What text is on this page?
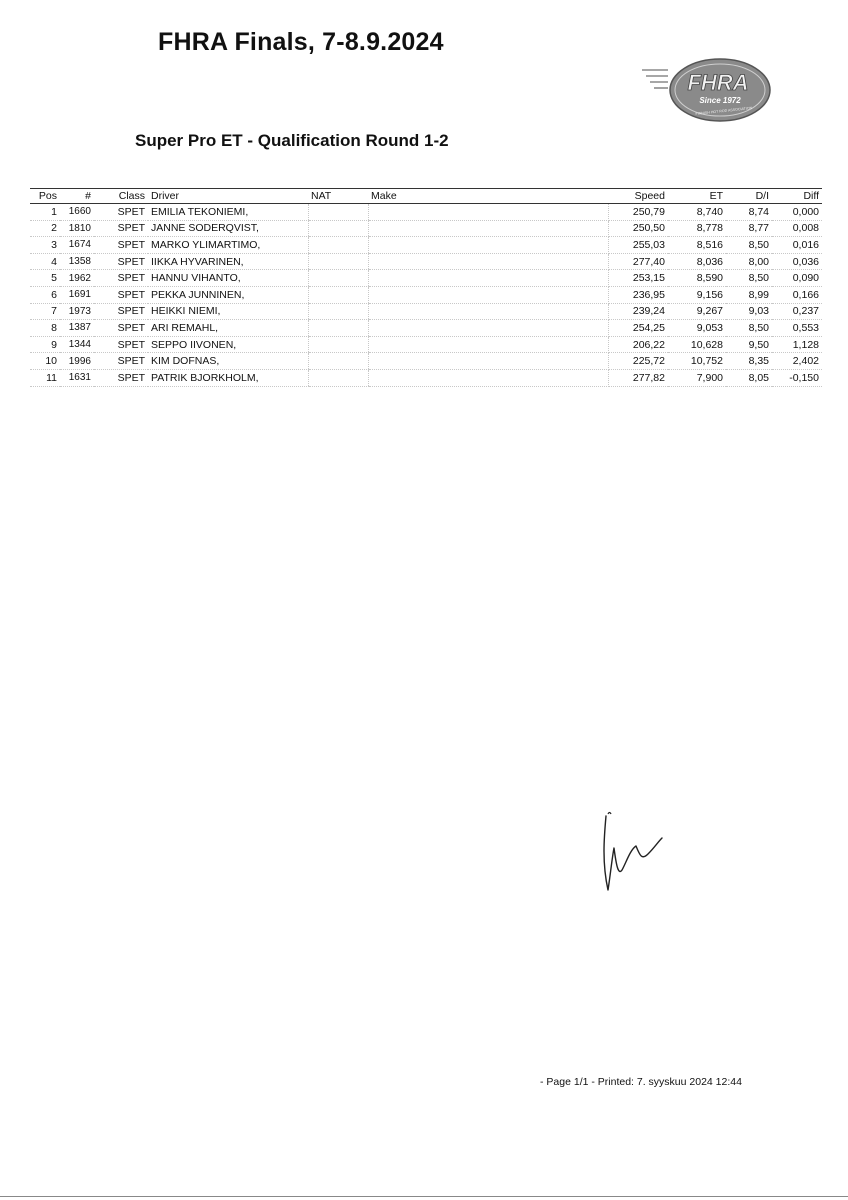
FHRA Finals, 7-8.9.2024
FHRA
Since 1972
FINNISH HOT ROD ASSOCIATION
Super Pro ET - Qualification Round 1-2
Pos	#	Class	Driver	NAT	Make	Speed	ET	D/I	Diff
1	1660	SPET	EMILIA TEKONIEMI,			250,79	8,740	8,74	0,000
2	1810	SPET	JANNE SODERQVIST,			250,50	8,778	8,77	0,008
3	1674	SPET	MARKO YLIMARTIMO,			255,03	8,516	8,50	0,016
4	1358	SPET	IIKKA HYVARINEN,			277,40	8,036	8,00	0,036
5	1962	SPET	HANNU VIHANTO,			253,15	8,590	8,50	0,090
6	1691	SPET	PEKKA JUNNINEN,			236,95	9,156	8,99	0,166
7	1973	SPET	HEIKKI NIEMI,			239,24	9,267	9,03	0,237
8	1387	SPET	ARI REMAHL,			254,25	9,053	8,50	0,553
9	1344	SPET	SEPPO IIVONEN,			206,22	10,628	9,50	1,128
10	1996	SPET	KIM DOFNAS,			225,72	10,752	8,35	2,402
11	1631	SPET	PATRIK BJORKHOLM,			277,82	7,900	8,05	-0,150
- Page 1/1 - Printed: 7. syyskuu 2024 12:44
